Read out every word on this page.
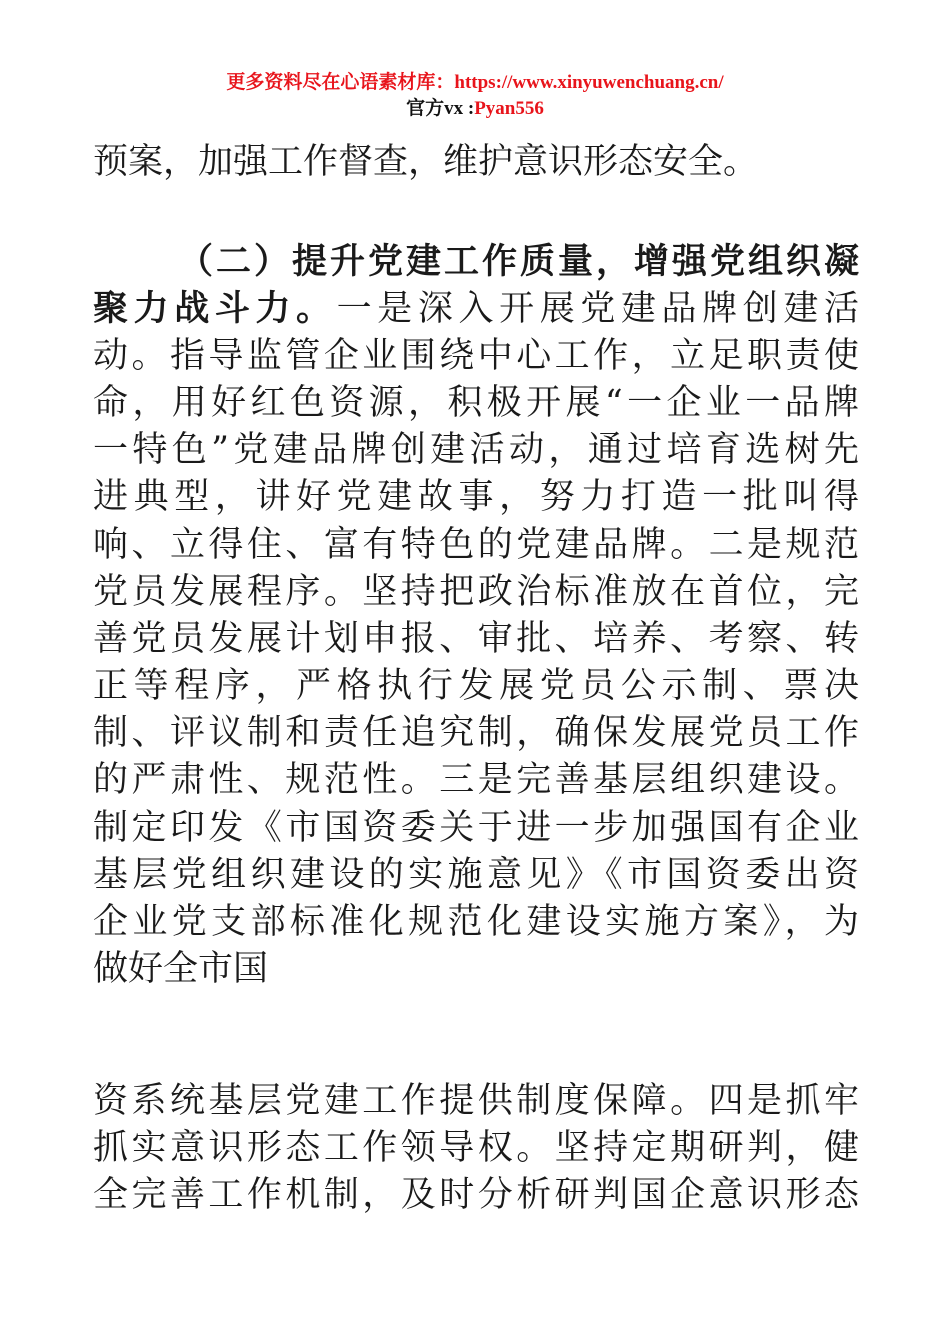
更多资料尽在心语素材库：https://www.xinyuwenchuang.cn/
官方vx :Pyan556
预案，加强工作督查，维护意识形态安全。
（二）提升党建工作质量，增强党组织凝
聚力战斗力。一是深入开展党建品牌创建活
动。指导监管企业围绕中心工作，立足职责使
命，用好红色资源，积极开展“一企业一品牌
一特色”党建品牌创建活动，通过培育选树先
进典型，讲好党建故事，努力打造一批叫得
响、立得住、富有特色的党建品牌。二是规范
党员发展程序。坚持把政治标准放在首位，完
善党员发展计划申报、审批、培养、考察、转
正等程序，严格执行发展党员公示制、票决
制、评议制和责任追究制，确保发展党员工作
的严肃性、规范性。三是完善基层组织建设。
制定印发《市国资委关于进一步加强国有企业
基层党组织建设的实施意见》《市国资委出资
企业党支部标准化规范化建设实施方案》，为
做好全市国
资系统基层党建工作提供制度保障。四是抓牢
抓实意识形态工作领导权。坚持定期研判，健
全完善工作机制，及时分析研判国企意识形态
